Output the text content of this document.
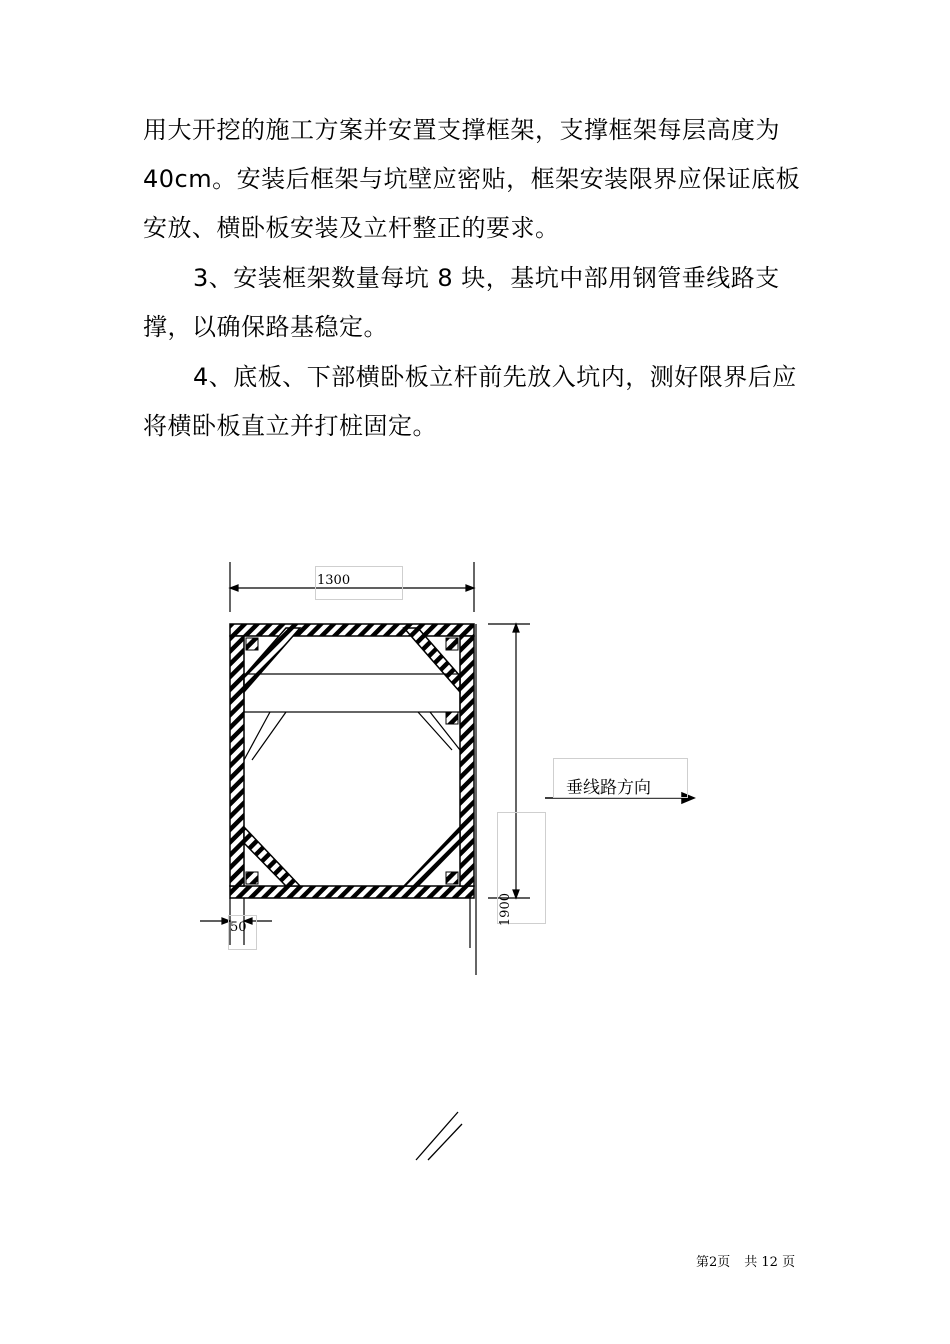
用大开挖的施工方案并安置支撑框架，支撑框架每层高度为40cm。安装后框架与坑壁应密贴，框架安装限界应保证底板安放、横卧板安装及立杆整正的要求。

3、安装框架数量每坑 8 块，基坑中部用钢管垂线路支撑，以确保路基稳定。

4、底板、下部横卧板立杆前先放入坑内，测好限界后应将横卧板直立并打桩固定。

1300
50
1900
垂线路方向
第2页 共 12 页
